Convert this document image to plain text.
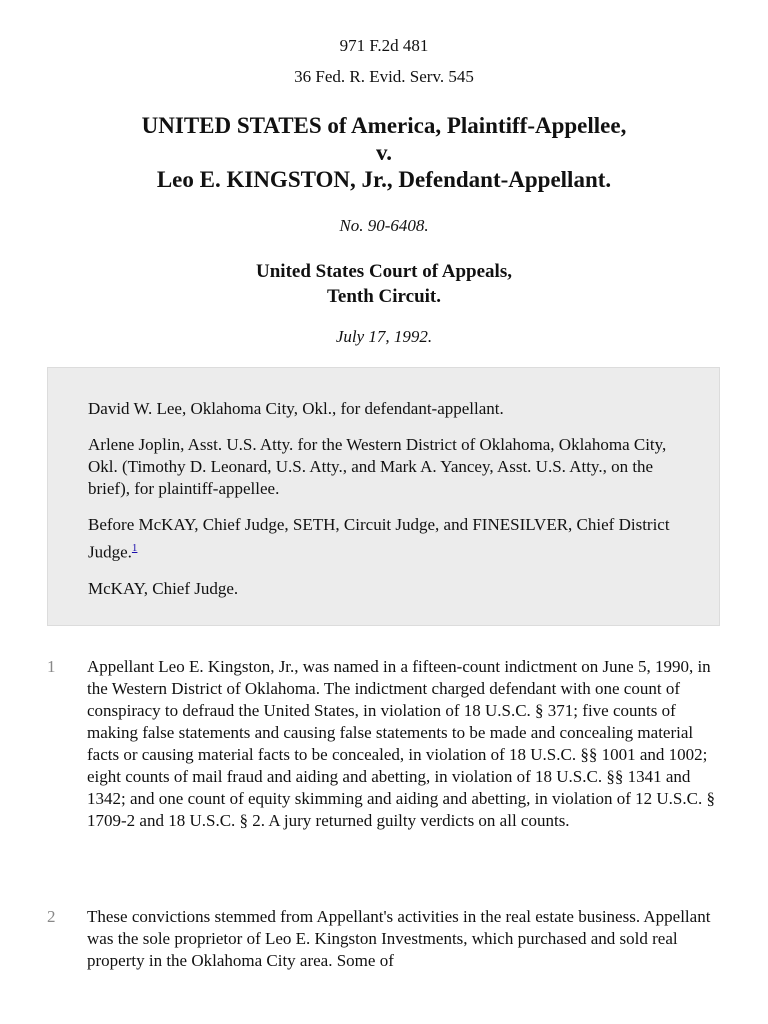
971 F.2d 481
36 Fed. R. Evid. Serv. 545
UNITED STATES of America, Plaintiff-Appellee,
v.
Leo E. KINGSTON, Jr., Defendant-Appellant.
No. 90-6408.
United States Court of Appeals,
Tenth Circuit.
July 17, 1992.

David W. Lee, Oklahoma City, Okl., for defendant-appellant.

Arlene Joplin, Asst. U.S. Atty. for the Western District of Oklahoma, Oklahoma City, Okl. (Timothy D. Leonard, U.S. Atty., and Mark A. Yancey, Asst. U.S. Atty., on the brief), for plaintiff-appellee.

Before McKAY, Chief Judge, SETH, Circuit Judge, and FINESILVER, Chief District Judge.$^1$

McKAY, Chief Judge.

1	Appellant Leo E. Kingston, Jr., was named in a fifteen-count indictment on June 5, 1990, in the Western District of Oklahoma. The indictment charged defendant with one count of conspiracy to defraud the United States, in violation of 18 U.S.C. § 371; five counts of making false statements and causing false statements to be made and concealing material facts or causing material facts to be concealed, in violation of 18 U.S.C. §§ 1001 and 1002; eight counts of mail fraud and aiding and abetting, in violation of 18 U.S.C. §§ 1341 and 1342; and one count of equity skimming and aiding and abetting, in violation of 12 U.S.C. § 1709-2 and 18 U.S.C. § 2. A jury returned guilty verdicts on all counts.
2	These convictions stemmed from Appellant's activities in the real estate business. Appellant was the sole proprietor of Leo E. Kingston Investments, which purchased and sold real property in the Oklahoma City area. Some of
